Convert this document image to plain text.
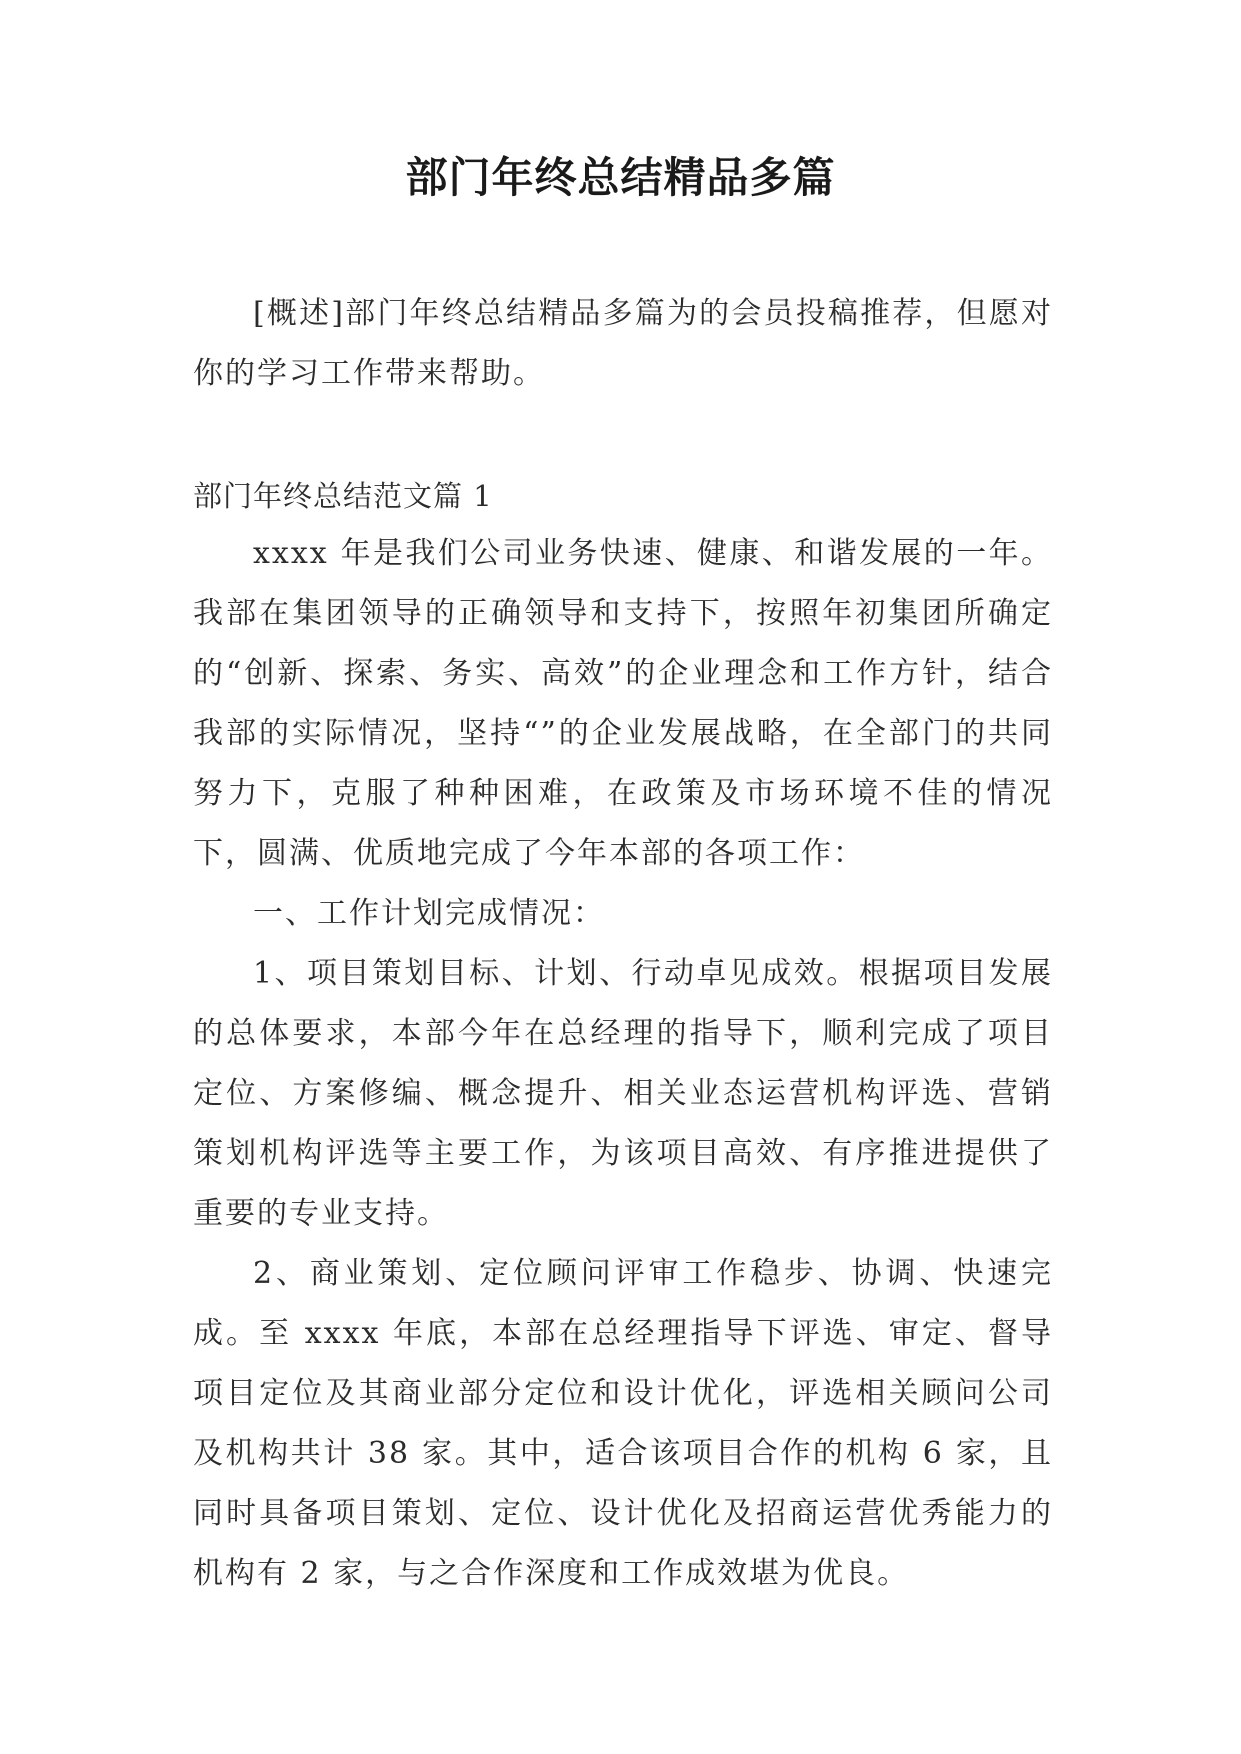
部门年终总结精品多篇

[概述]部门年终总结精品多篇为的会员投稿推荐，但愿对你的学习工作带来帮助。

部门年终总结范文篇 1

xxxx 年是我们公司业务快速、健康、和谐发展的一年。我部在集团领导的正确领导和支持下，按照年初集团所确定的“创新、探索、务实、高效”的企业理念和工作方针，结合我部的实际情况，坚持“”的企业发展战略，在全部门的共同努力下，克服了种种困难，在政策及市场环境不佳的情况下，圆满、优质地完成了今年本部的各项工作：

一、工作计划完成情况：

1、项目策划目标、计划、行动卓见成效。根据项目发展的总体要求，本部今年在总经理的指导下，顺利完成了项目定位、方案修编、概念提升、相关业态运营机构评选、营销策划机构评选等主要工作，为该项目高效、有序推进提供了重要的专业支持。

2、商业策划、定位顾问评审工作稳步、协调、快速完成。至 xxxx 年底，本部在总经理指导下评选、审定、督导项目定位及其商业部分定位和设计优化，评选相关顾问公司及机构共计 38 家。其中，适合该项目合作的机构 6 家，且同时具备项目策划、定位、设计优化及招商运营优秀能力的机构有 2 家，与之合作深度和工作成效堪为优良。
